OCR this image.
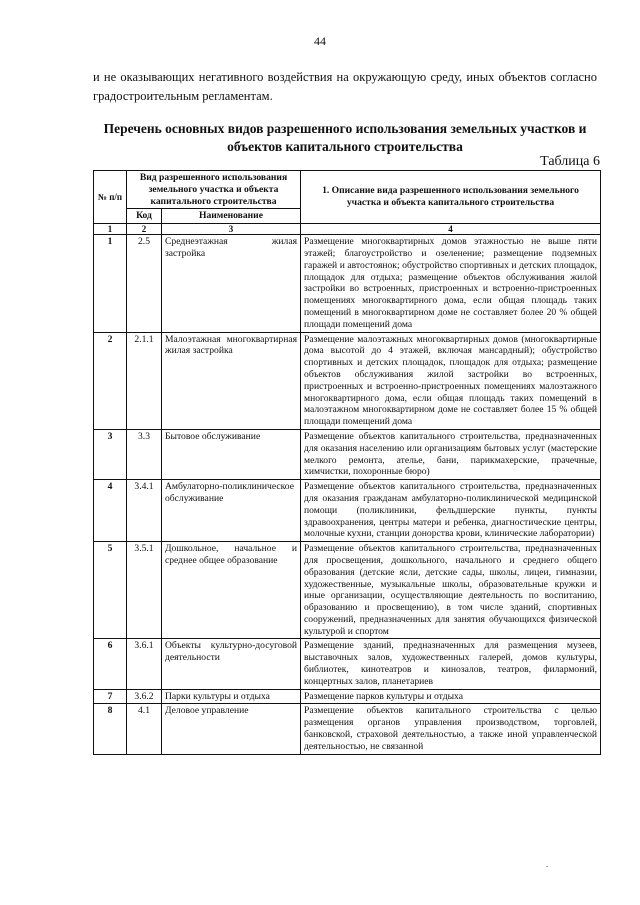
44

и не оказывающих негативного воздействия на окружающую среду, иных объектов согласно градостроительным регламентам.

Перечень основных видов разрешенного использования земельных участков и объектов капитального строительства
Таблица 6
№ п/п	Вид разрешенного использования земельного участка и объекта капитального строительства		1. Описание вида разрешенного использования земельного участка и объекта капитального строительства
	Код	Наименование	
1	2	3	4
1	2.5	Среднеэтажная жилая застройка	Размещение многоквартирных домов этажностью не выше пяти этажей; благоустройство и озеленение; размещение подземных гаражей и автостоянок; обустройство спортивных и детских площадок, площадок для отдыха; размещение объектов обслуживания жилой застройки во встроенных, пристроенных и встроенно-пристроенных помещениях многоквартирного дома, если общая площадь таких помещений в многоквартирном доме не составляет более 20 % общей площади помещений дома
2	2.1.1	Малоэтажная многоквартирная жилая застройка	Размещение малоэтажных многоквартирных домов (многоквартирные дома высотой до 4 этажей, включая мансардный); обустройство спортивных и детских площадок, площадок для отдыха; размещение объектов обслуживания жилой застройки во встроенных, пристроенных и встроенно-пристроенных помещениях малоэтажного многоквартирного дома, если общая площадь таких помещений в малоэтажном многоквартирном доме не составляет более 15 % общей площади помещений дома
3	3.3	Бытовое обслуживание	Размещение объектов капитального строительства, предназначенных для оказания населению или организациям бытовых услуг (мастерские мелкого ремонта, ателье, бани, парикмахерские, прачечные, химчистки, похоронные бюро)
4	3.4.1	Амбулаторно-поликлиническое обслуживание	Размещение объектов капитального строительства, предназначенных для оказания гражданам амбулаторно-поликлинической медицинской помощи (поликлиники, фельдшерские пункты, пункты здравоохранения, центры матери и ребенка, диагностические центры, молочные кухни, станции донорства крови, клинические лаборатории)
5	3.5.1	Дошкольное, начальное и среднее общее образование	Размещение объектов капитального строительства, предназначенных для просвещения, дошкольного, начального и среднего общего образования (детские ясли, детские сады, школы, лицеи, гимназии, художественные, музыкальные школы, образовательные кружки и иные организации, осуществляющие деятельность по воспитанию, образованию и просвещению), в том числе зданий, спортивных сооружений, предназначенных для занятия обучающихся физической культурой и спортом
6	3.6.1	Объекты культурно-досуговой деятельности	Размещение зданий, предназначенных для размещения музеев, выставочных залов, художественных галерей, домов культуры, библиотек, кинотеатров и кинозалов, театров, филармоний, концертных залов, планетариев
7	3.6.2	Парки культуры и отдыха	Размещение парков культуры и отдыха
8	4.1	Деловое управление	Размещение объектов капитального строительства с целью размещения органов управления производством, торговлей, банковской, страховой деятельностью, а также иной управленческой деятельностью, не связанной
.
